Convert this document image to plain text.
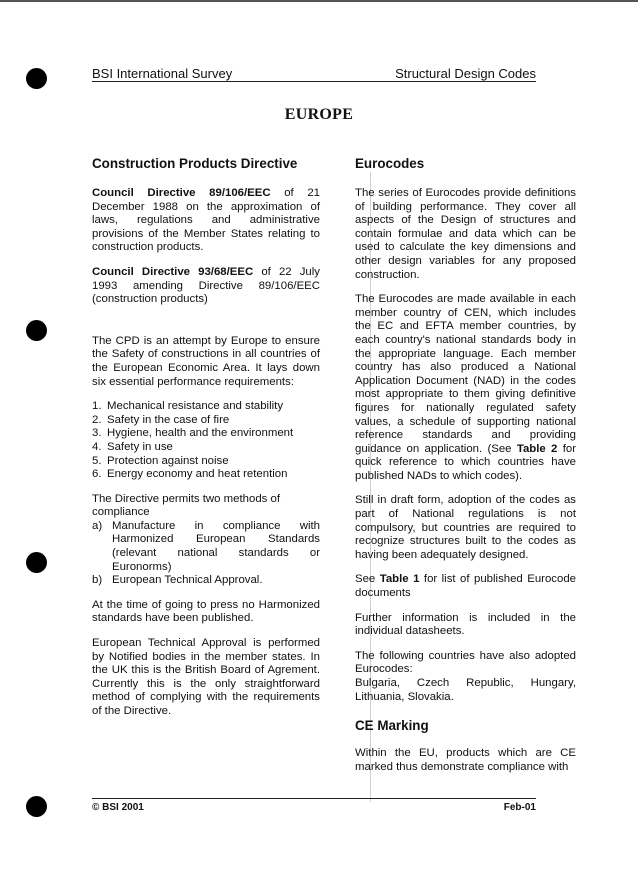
BSI International Survey	Structural Design Codes
EUROPE
Construction Products Directive

Council Directive 89/106/EEC of 21 December 1988 on the approximation of laws, regulations and administrative provisions of the Member States relating to construction products.

Council Directive 93/68/EEC of 22 July 1993 amending Directive 89/106/EEC (construction products)

The CPD is an attempt by Europe to ensure the Safety of constructions in all countries of the European Economic Area. It lays down six essential performance requirements:

1. Mechanical resistance and stability
2. Safety in the case of fire
3. Hygiene, health and the environment
4. Safety in use
5. Protection against noise
6. Energy economy and heat retention
The Directive permits two methods of compliance
a) Manufacture in compliance with Harmonized European Standards (relevant national standards or Euronorms)
b) European Technical Approval.

At the time of going to press no Harmonized standards have been published.

European Technical Approval is performed by Notified bodies in the member states. In the UK this is the British Board of Agrement. Currently this is the only straightforward method of complying with the requirements of the Directive.

Eurocodes

The series of Eurocodes provide definitions of building performance. They cover all aspects of the Design of structures and contain formulae and data which can be used to calculate the key dimensions and other design variables for any proposed construction.

The Eurocodes are made available in each member country of CEN, which includes the EC and EFTA member countries, by each country's national standards body in the appropriate language. Each member country has also produced a National Application Document (NAD) in the codes most appropriate to them giving definitive figures for nationally regulated safety values, a schedule of supporting national reference standards and providing guidance on application. (See Table 2 for quick reference to which countries have published NADs to which codes).

Still in draft form, adoption of the codes as part of National regulations is not compulsory, but countries are required to recognize structures built to the codes as having been adequately designed.

See Table 1 for list of published Eurocode documents

Further information is included in the individual datasheets.

The following countries have also adopted Eurocodes:
Bulgaria, Czech Republic, Hungary, Lithuania, Slovakia.

CE Marking

Within the EU, products which are CE marked thus demonstrate compliance with

© BSI 2001	Feb-01
